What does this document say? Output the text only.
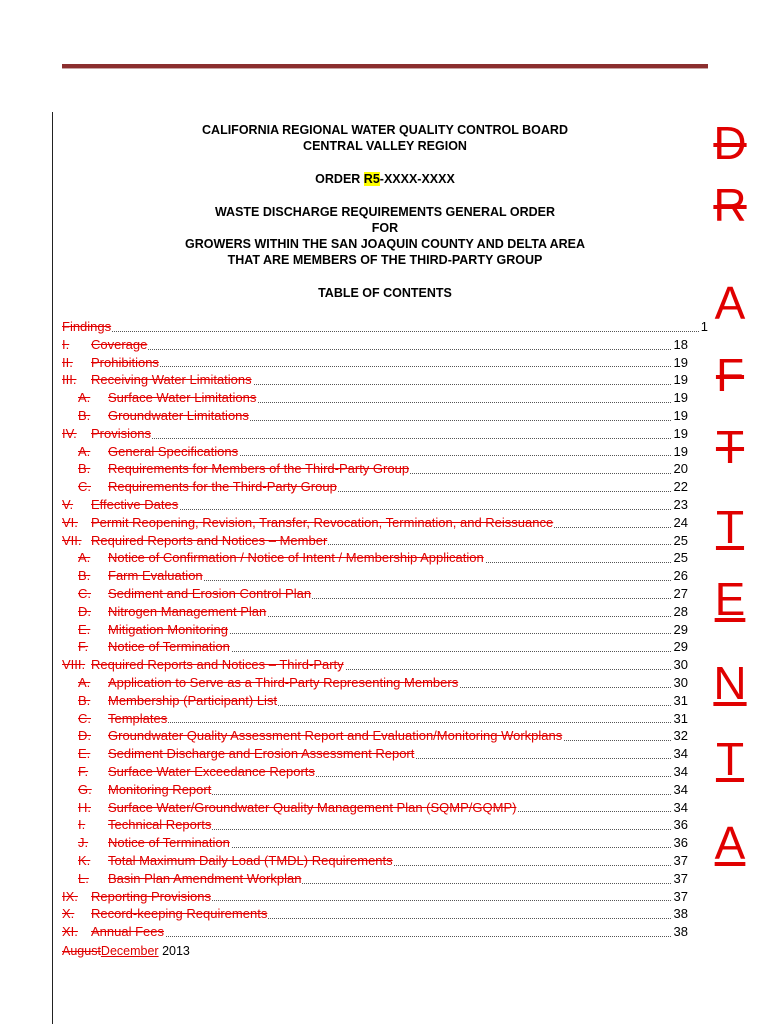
CALIFORNIA REGIONAL WATER QUALITY CONTROL BOARD
CENTRAL VALLEY REGION
ORDER R5-XXXX-XXXX
WASTE DISCHARGE REQUIREMENTS GENERAL ORDER
FOR
GROWERS WITHIN THE SAN JOAQUIN COUNTY AND DELTA AREA
THAT ARE MEMBERS OF THE THIRD-PARTY GROUP
TABLE OF CONTENTS
Findings	1
I. Coverage	18
II. Prohibitions	19
III. Receiving Water Limitations	19
A. Surface Water Limitations	19
B. Groundwater Limitations	19
IV. Provisions	19
A. General Specifications	19
B. Requirements for Members of the Third-Party Group	20
C. Requirements for the Third-Party Group	22
V. Effective Dates	23
VI. Permit Reopening, Revision, Transfer, Revocation, Termination, and Reissuance	24
VII. Required Reports and Notices – Member	25
A. Notice of Confirmation / Notice of Intent / Membership Application	25
B. Farm Evaluation	26
C. Sediment and Erosion Control Plan	27
D. Nitrogen Management Plan	28
E. Mitigation Monitoring	29
F. Notice of Termination	29
VIII. Required Reports and Notices – Third-Party	30
A. Application to Serve as a Third-Party Representing Members	30
B. Membership (Participant) List	31
C. Templates	31
D. Groundwater Quality Assessment Report and Evaluation/Monitoring Workplans	32
E. Sediment Discharge and Erosion Assessment Report	34
F. Surface Water Exceedance Reports	34
G. Monitoring Report	34
H. Surface Water/Groundwater Quality Management Plan (SQMP/GQMP)	34
I. Technical Reports	36
J. Notice of Termination	36
K. Total Maximum Daily Load (TMDL) Requirements	37
L. Basin Plan Amendment Workplan	37
IX. Reporting Provisions	37
X. Record-keeping Requirements	38
XI. Annual Fees	38
AugustDecember 2013
D
R
A
F
T
T
E
N
T
A
